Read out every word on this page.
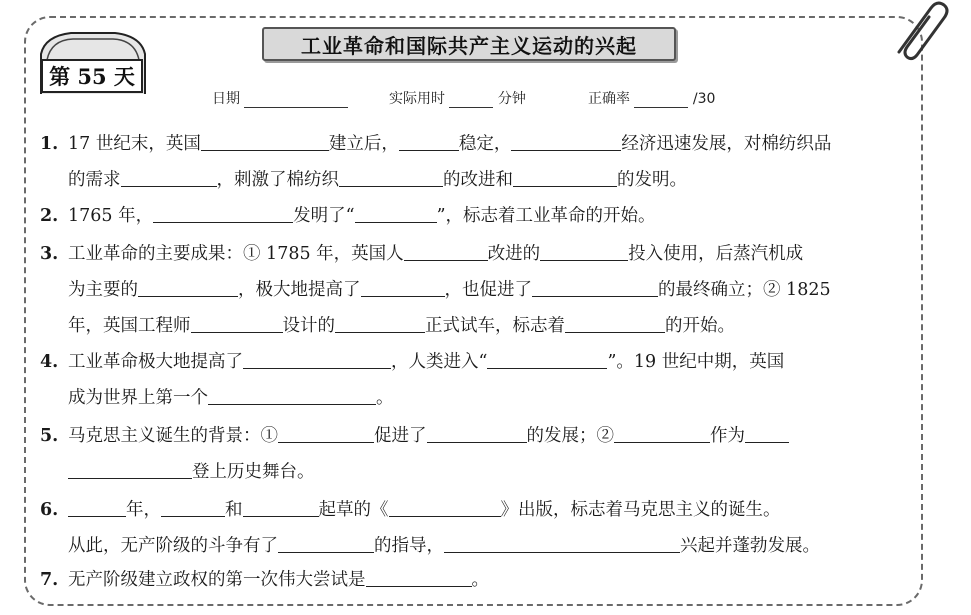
工业革命和国际共产主义运动的兴起
第 55 天
日期	实际用时	分钟	正确率	/30
1. 17 世纪末，英国	建立后，	稳定，	经济迅速发展，对棉纺织品
的需求	，刺激了棉纺织	的改进和	的发明。
2. 1765 年，	发明了“	”，标志着工业革命的开始。
3. 工业革命的主要成果：① 1785 年，英国人	改进的	投入使用，后蒸汽机成
为主要的	，极大地提高了	，也促进了	的最终确立；② 1825
年，英国工程师	设计的	正式试车，标志着	的开始。
4. 工业革命极大地提高了	，人类进入“	”。19 世纪中期，英国
成为世界上第一个	。
5. 马克思主义诞生的背景：①	促进了	的发展；②	作为
登上历史舞台。
6.	年，	和	起草的《	》出版，标志着马克思主义的诞生。
从此，无产阶级的斗争有了	的指导，	兴起并蓬勃发展。
7. 无产阶级建立政权的第一次伟大尝试是	。
